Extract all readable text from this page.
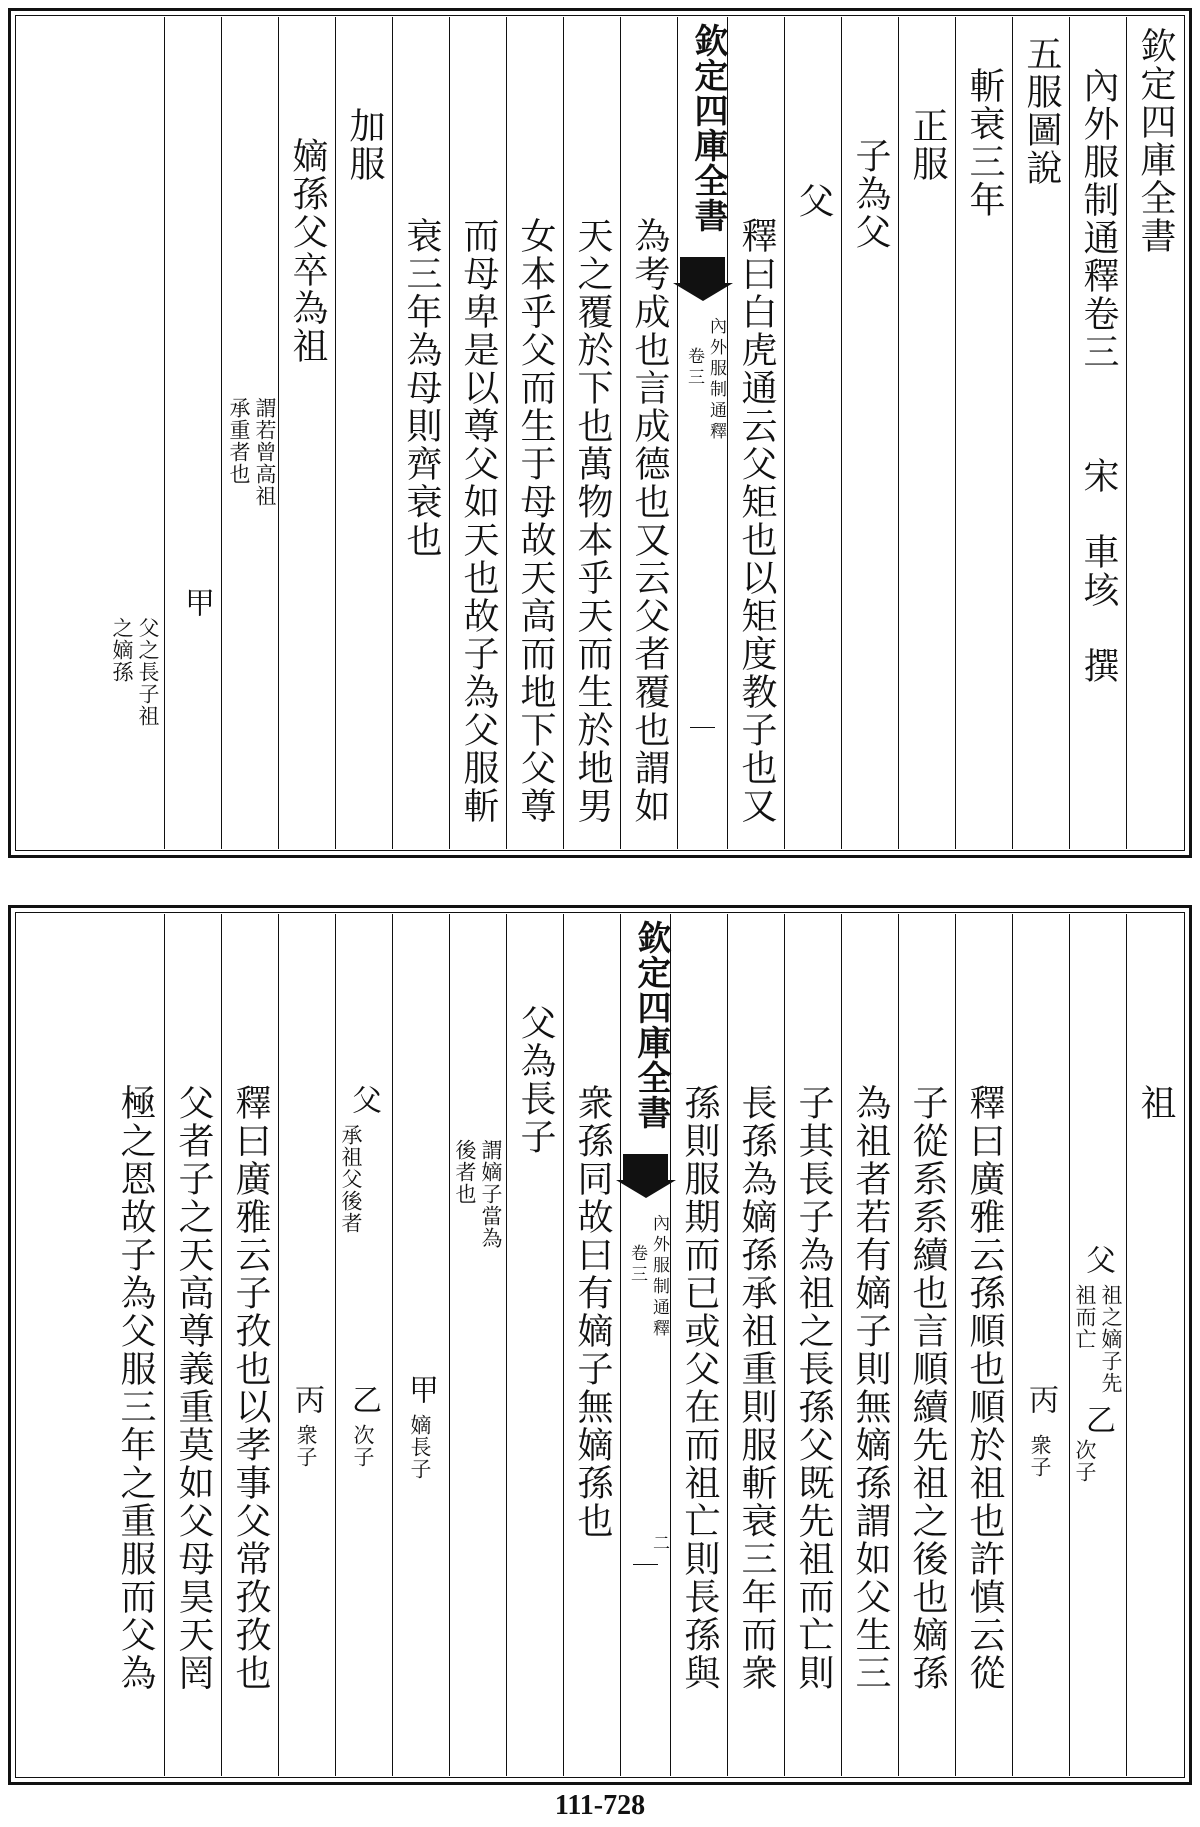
欽定四庫全書
內外服制通釋卷三
宋　車垓　撰
五服圖說
斬衰三年
正服
子為父
父
釋曰白虎通云父矩也以矩度教子也又
欽定四庫全書
內外服制通釋
卷三
為考成也言成德也又云父者覆也謂如
天之覆於下也萬物本乎天而生於地男
女本乎父而生于母故天高而地下父尊
而母卑是以尊父如天也故子為父服斬
衰三年為母則齊衰也
加服
嫡孫父卒為祖
謂若曾高祖承重者也
甲
父之長子祖之嫡孫
祖
父
祖之嫡子先祖而亡
乙
次子
丙
衆子
釋曰廣雅云孫順也順於祖也許慎云從
子從系系續也言順續先祖之後也嫡孫
為祖者若有嫡子則無嫡孫謂如父生三
子其長子為祖之長孫父既先祖而亡則
長孫為嫡孫承祖重則服斬衰三年而衆
孫則服期而已或父在而祖亡則長孫與
欽定四庫全書
內外服制通釋
卷三
二
衆孫同故曰有嫡子無嫡孫也
父為長子
謂嫡子當為後者也
甲
嫡長子
父
承祖父後者
乙
次子
丙
衆子
釋曰廣雅云子孜也以孝事父常孜孜也
父者子之天高尊義重莫如父母昊天罔
極之恩故子為父服三年之重服而父為
111-728
